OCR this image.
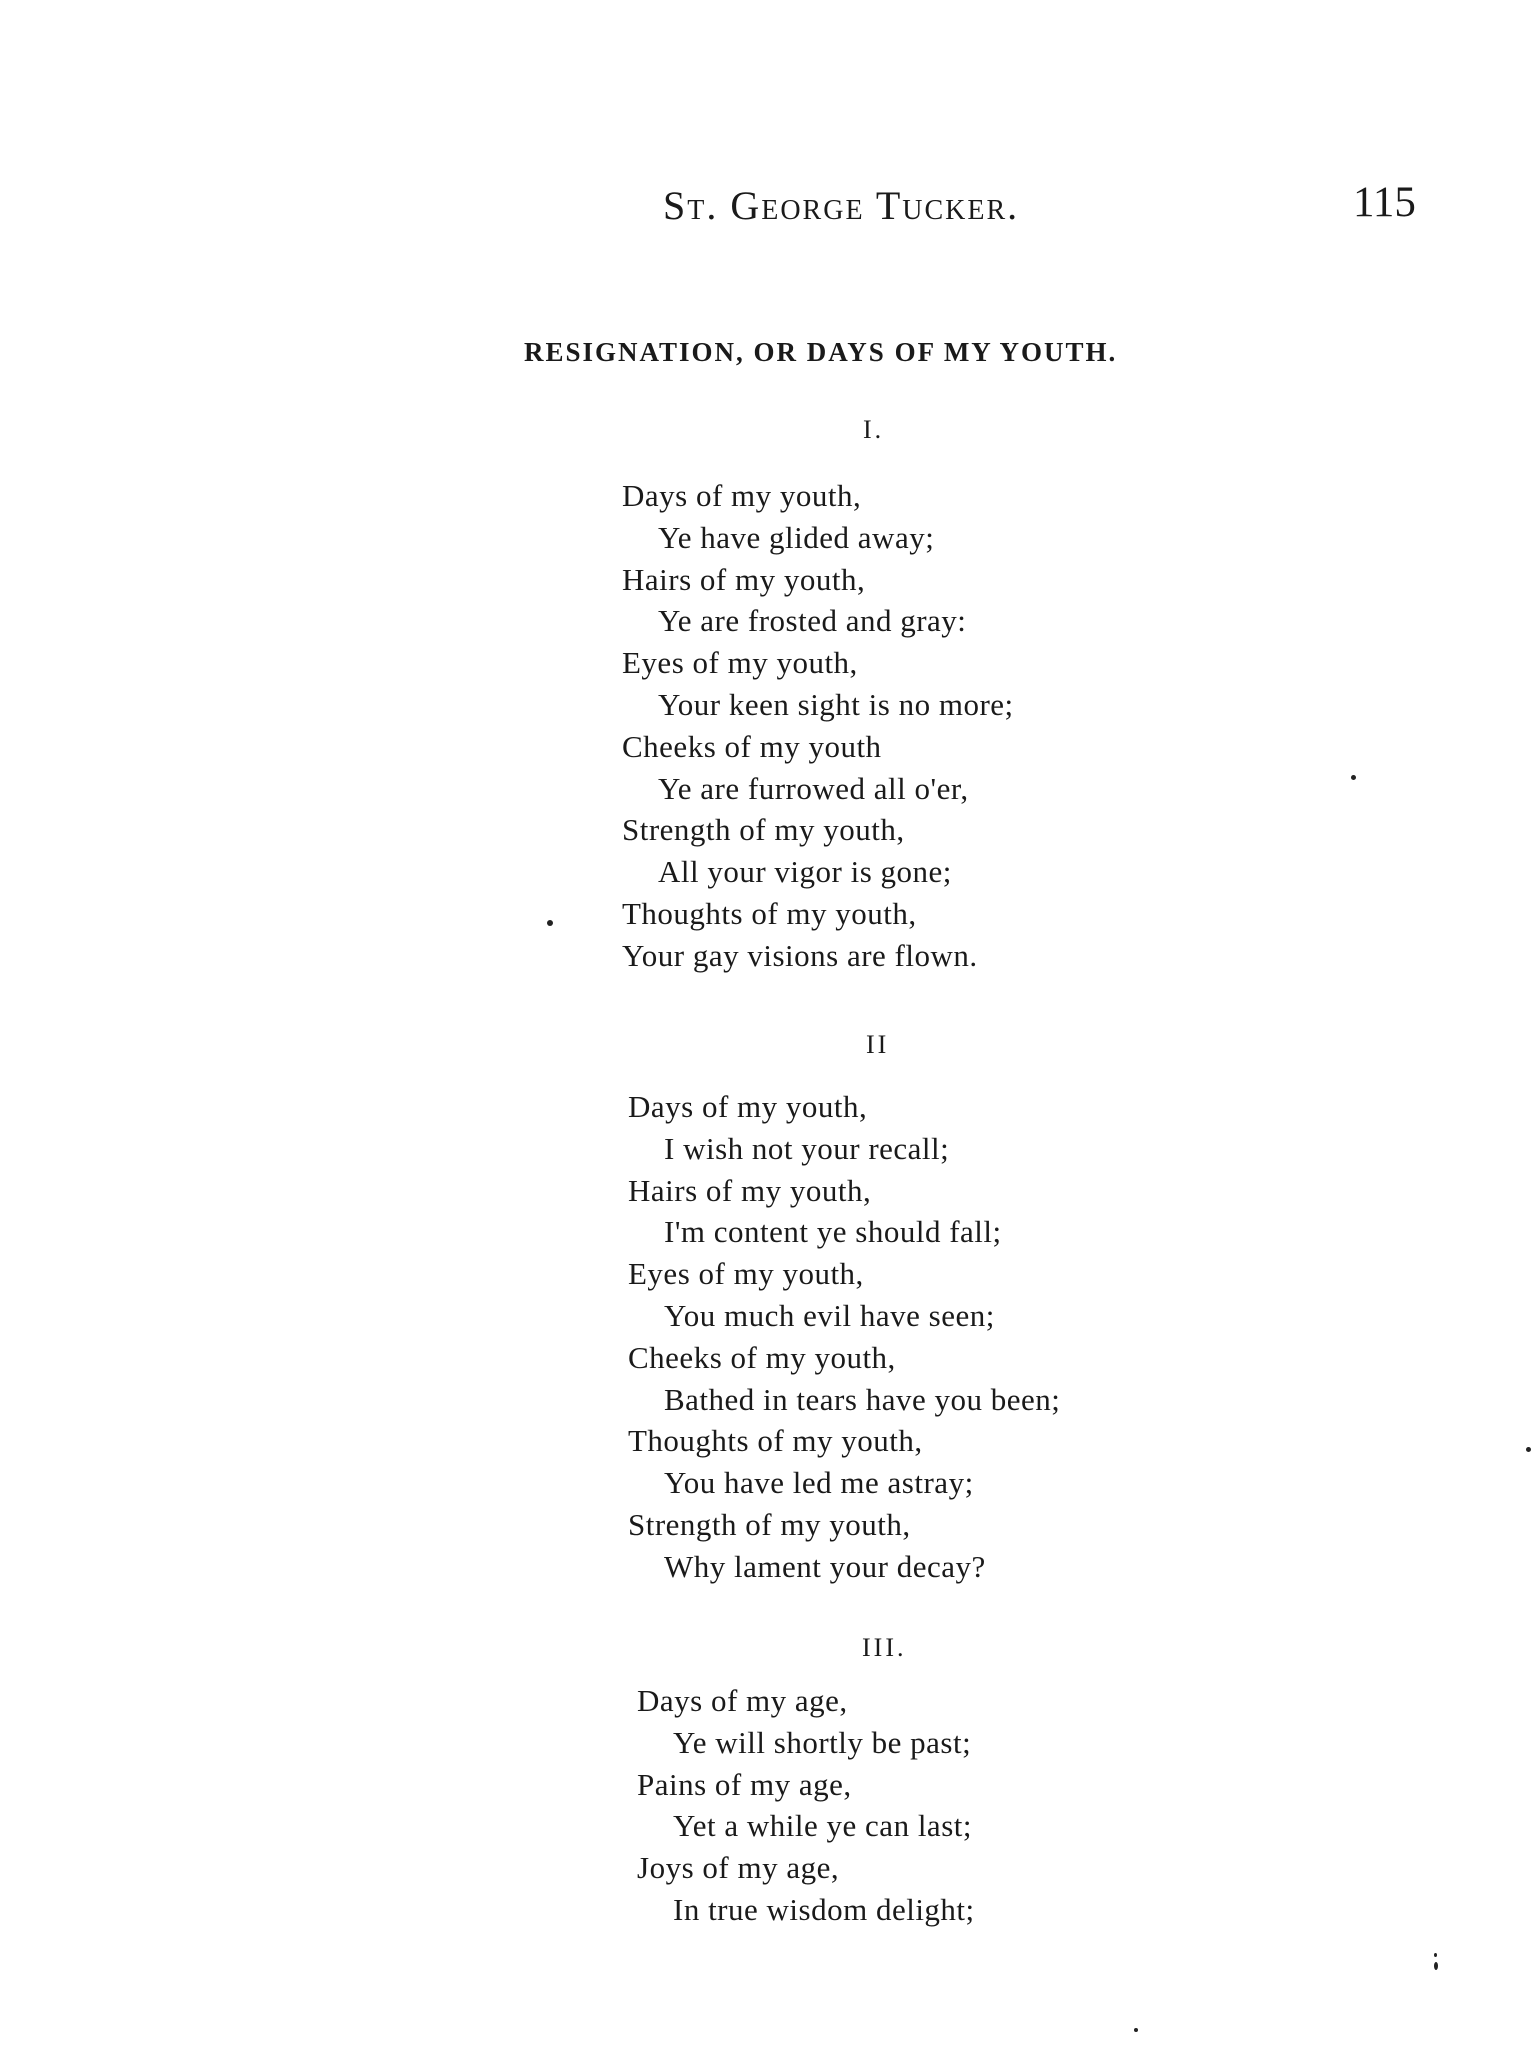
St. George Tucker.	115
RESIGNATION, OR DAYS OF MY YOUTH.
I.
Days of my youth,
Ye have glided away;
Hairs of my youth,
Ye are frosted and gray:
Eyes of my youth,
Your keen sight is no more;
Cheeks of my youth
Ye are furrowed all o'er,
Strength of my youth,
All your vigor is gone;
Thoughts of my youth,
Your gay visions are flown.
II
Days of my youth,
I wish not your recall;
Hairs of my youth,
I'm content ye should fall;
Eyes of my youth,
You much evil have seen;
Cheeks of my youth,
Bathed in tears have you been;
Thoughts of my youth,
You have led me astray;
Strength of my youth,
Why lament your decay?
III.
Days of my age,
Ye will shortly be past;
Pains of my age,
Yet a while ye can last;
Joys of my age,
In true wisdom delight;
